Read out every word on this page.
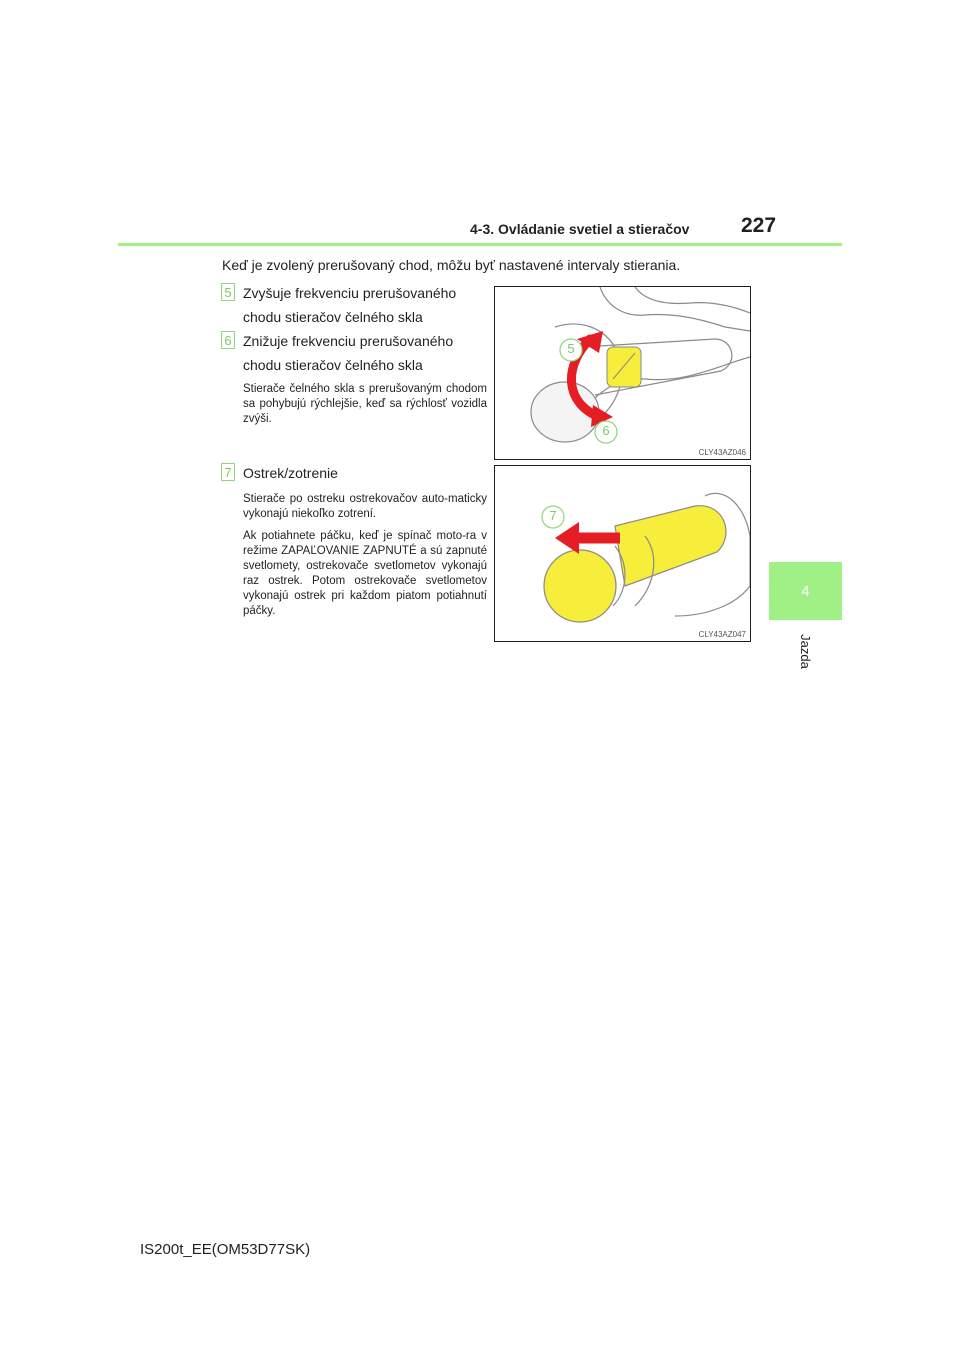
4-3. Ovládanie svetiel a stieračov 227
4
Jazda
Keď je zvolený prerušovaný chod, môžu byť nastavené intervaly stierania.
5 Zvyšuje frekvenciu prerušovaného
chodu stieračov čelného skla
6 Znižuje frekvenciu prerušovaného
chodu stieračov čelného skla
Stierače čelného skla s prerušovaným chodom sa pohybujú rýchlejšie, keď sa rýchlosť vozidla zvýši.
7 Ostrek/zotrenie
Stierače po ostreku ostrekovačov auto-maticky vykonajú niekoľko zotrení.
Ak potiahnete páčku, keď je spínač moto-ra v režime ZAPAĽOVANIE ZAPNUTÉ a sú zapnuté svetlomety, ostrekovače svetlometov vykonajú raz ostrek. Potom ostrekovače svetlometov vykonajú ostrek pri každom piatom potiahnutí páčky.
5
6
CLY43AZ046
7
CLY43AZ047
IS200t_EE(OM53D77SK)
